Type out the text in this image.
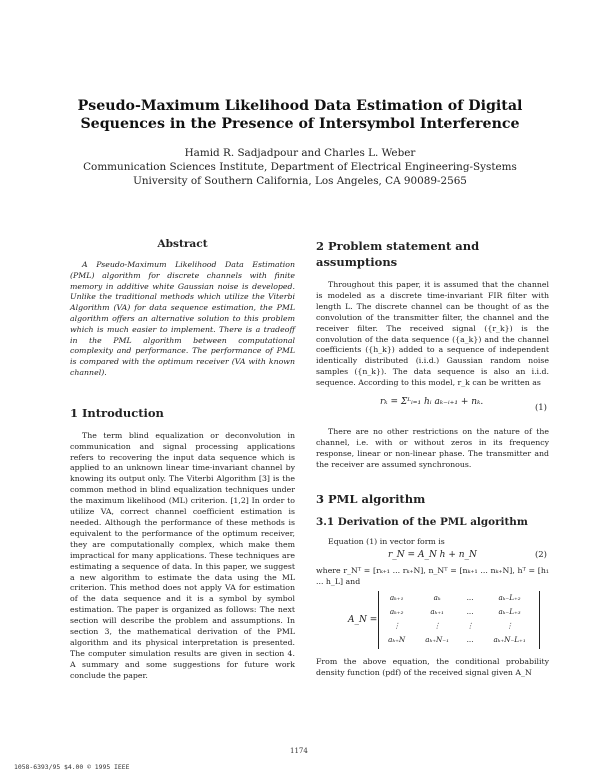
Pseudo-Maximum Likelihood Data Estimation of Digital Sequences in the Presence of Intersymbol Interference
Hamid R. Sadjadpour and Charles L. Weber
Communication Sciences Institute, Department of Electrical Engineering-Systems
University of Southern California, Los Angeles, CA 90089-2565
Abstract

A Pseudo-Maximum Likelihood Data Estimation (PML) algorithm for discrete channels with finite memory in additive white Gaussian noise is developed. Unlike the traditional methods which utilize the Viterbi Algorithm (VA) for data sequence estimation, the PML algorithm offers an alternative solution to this problem which is much easier to implement. There is a tradeoff in the PML algorithm between computational complexity and performance. The performance of PML is compared with the optimum receiver (VA with known channel).

1 Introduction

The term blind equalization or deconvolution in communication and signal processing applications refers to recovering the input data sequence which is applied to an unknown linear time-invariant channel by knowing its output only. The Viterbi Algorithm [3] is the common method in blind equalization techniques under the maximum likelihood (ML) criterion. [1,2] In order to utilize VA, correct channel coefficient estimation is needed. Although the performance of these methods is equivalent to the performance of the optimum receiver, they are computationally complex, which make them impractical for many applications. These techniques are estimating a sequence of data. In this paper, we suggest a new algorithm to estimate the data using the ML criterion. This method does not apply VA for estimation of the data sequence and it is a symbol by symbol estimation. The paper is organized as follows: The next section will describe the problem and assumptions. In section 3, the mathematical derivation of the PML algorithm and its physical interpretation is presented. The computer simulation results are given in section 4. A summary and some suggestions for future work conclude the paper.

2 Problem statement and assumptions

Throughout this paper, it is assumed that the channel is modeled as a discrete time-invariant FIR filter with length L. The discrete channel can be thought of as the convolution of the transmitter filter, the channel and the receiver filter. The received signal ({r_k}) is the convolution of the data sequence ({a_k}) and the channel coefficients ({h_k}) added to a sequence of independent identically distributed (i.i.d.) Gaussian random noise samples ({n_k}). The data sequence is also an i.i.d. sequence. According to this model, r_k can be written as

rₖ = Σᴸᵢ₌₁ hᵢ aₖ₋ᵢ₊₁ + nₖ.
(1)

There are no other restrictions on the nature of the channel, i.e. with or without zeros in its frequency response, linear or non-linear phase. The transmitter and the receiver are assumed synchronous.

3 PML algorithm
3.1 Derivation of the PML algorithm

Equation (1) in vector form is

r_N = A_N h + n_N	(2)

where r_Nᵀ = [rₖ₊₁ ... rₖ₊N], n_Nᵀ = [nₖ₊₁ ... nₖ₊N], hᵀ = [h₁ ... h_L] and

A_N =
aₖ₊₁	aₖ	...	aₖ₋L₊₂
aₖ₊₂	aₖ₊₁	...	aₖ₋L₊₃
⋮	⋮	⋮	⋮
aₖ₊N	aₖ₊N₋₁	...	aₖ₊N₋L₊₁

From the above equation, the conditional probability density function (pdf) of the received signal given A_N

1174
1058-6393/95 $4.00 © 1995 IEEE
